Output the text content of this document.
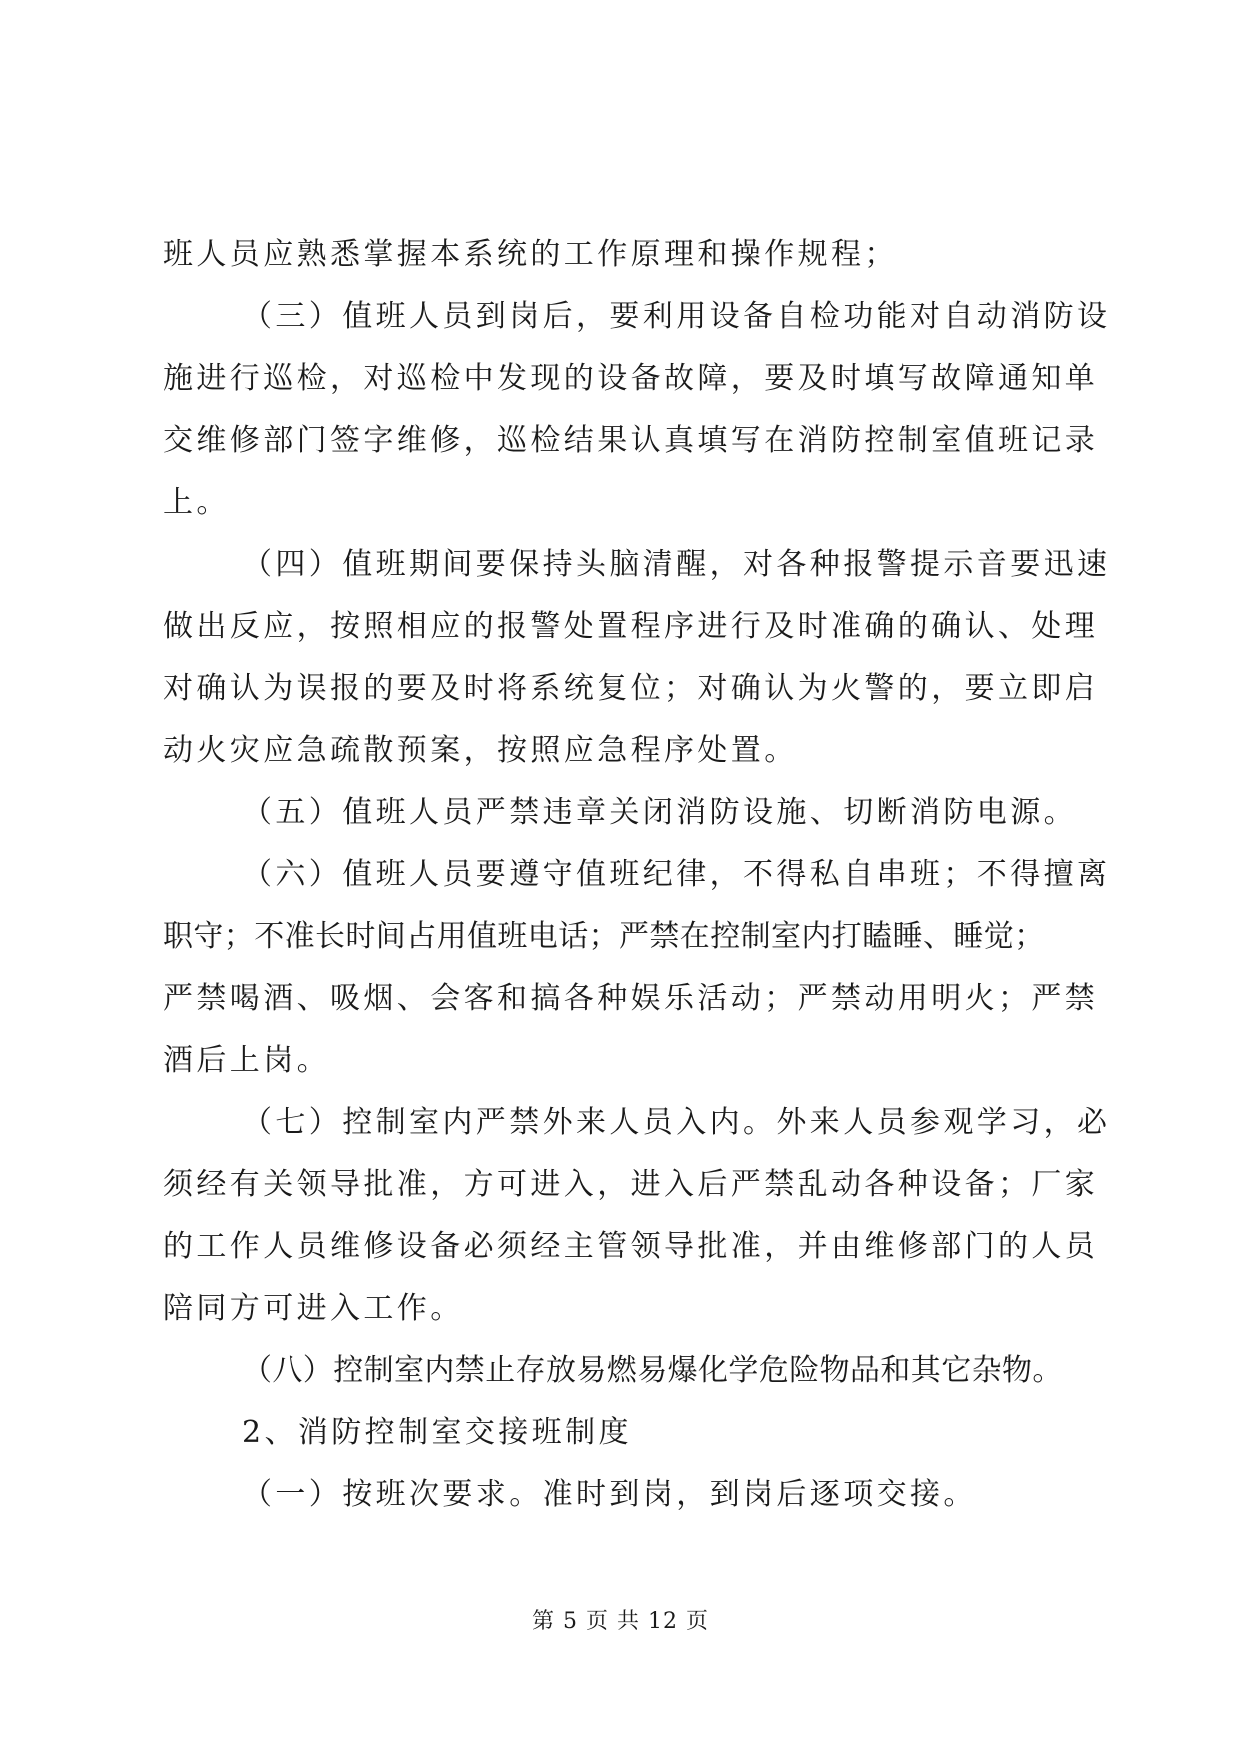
班人员应熟悉掌握本系统的工作原理和操作规程；
（三）值班人员到岗后，要利用设备自检功能对自动消防设
施进行巡检，对巡检中发现的设备故障，要及时填写故障通知单
交维修部门签字维修，巡检结果认真填写在消防控制室值班记录
上。
（四）值班期间要保持头脑清醒，对各种报警提示音要迅速
做出反应，按照相应的报警处置程序进行及时准确的确认、处理
对确认为误报的要及时将系统复位；对确认为火警的，要立即启
动火灾应急疏散预案，按照应急程序处置。
（五）值班人员严禁违章关闭消防设施、切断消防电源。
（六）值班人员要遵守值班纪律，不得私自串班；不得擅离
职守；不准长时间占用值班电话；严禁在控制室内打瞌睡、睡觉；
严禁喝酒、吸烟、会客和搞各种娱乐活动；严禁动用明火；严禁
酒后上岗。
（七）控制室内严禁外来人员入内。外来人员参观学习，必
须经有关领导批准，方可进入，进入后严禁乱动各种设备；厂家
的工作人员维修设备必须经主管领导批准，并由维修部门的人员
陪同方可进入工作。
（八）控制室内禁止存放易燃易爆化学危险物品和其它杂物。
2、消防控制室交接班制度
（一）按班次要求。准时到岗，到岗后逐项交接。
第 5 页 共 12 页
